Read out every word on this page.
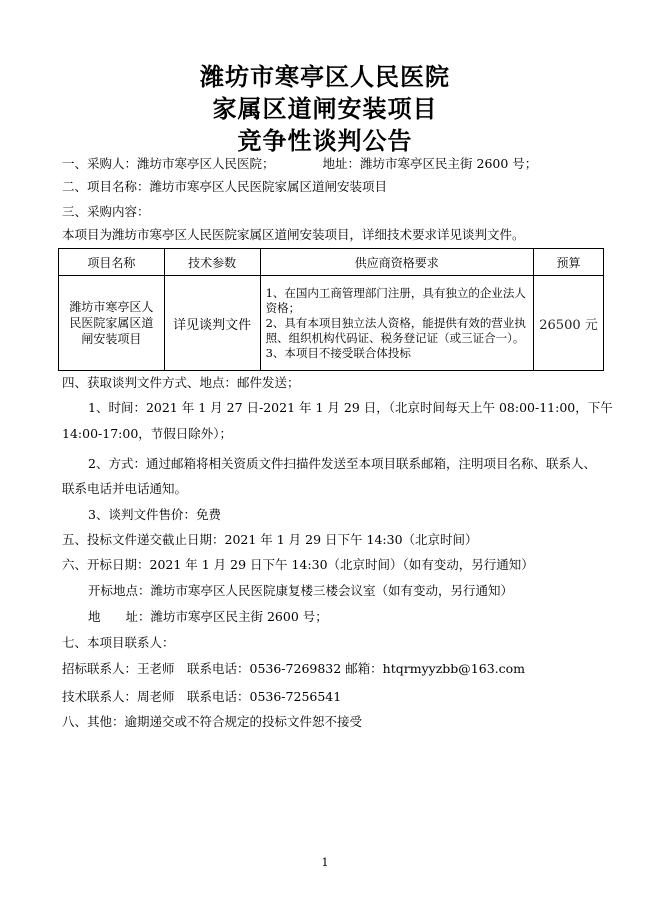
潍坊市寒亭区人民医院
家属区道闸安装项目
竞争性谈判公告
一、采购人：潍坊市寒亭区人民医院；	地址：潍坊市寒亭区民主街 2600 号；
二、项目名称：潍坊市寒亭区人民医院家属区道闸安装项目
三、采购内容：
本项目为潍坊市寒亭区人民医院家属区道闸安装项目，详细技术要求详见谈判文件。
项目名称	技术参数	供应商资格要求	预算
潍坊市寒亭区人民医院家属区道闸安装项目	详见谈判文件	1、在国内工商管理部门注册，具有独立的企业法人资格；
2、具有本项目独立法人资格，能提供有效的营业执照、组织机构代码证、税务登记证（或三证合一）。
3、本项目不接受联合体投标	26500 元
四、获取谈判文件方式、地点：邮件发送；
1、时间：2021 年 1 月 27 日-2021 年 1 月 29 日，（北京时间每天上午 08:00-11:00，下午
14:00-17:00，节假日除外）；
2、方式：通过邮箱将相关资质文件扫描件发送至本项目联系邮箱，注明项目名称、联系人、
联系电话并电话通知。
3、谈判文件售价：免费
五、投标文件递交截止日期：2021 年 1 月 29 日下午 14:30（北京时间）
六、开标日期：2021 年 1 月 29 日下午 14:30（北京时间）（如有变动，另行通知）
开标地点：潍坊市寒亭区人民医院康复楼三楼会议室（如有变动，另行通知）
地　　址：潍坊市寒亭区民主街 2600 号；
七、本项目联系人：
招标联系人：王老师　联系电话：0536-7269832 邮箱：htqrmyyzbb@163.com
技术联系人：周老师　联系电话：0536-7256541
八、其他：逾期递交或不符合规定的投标文件恕不接受
1
